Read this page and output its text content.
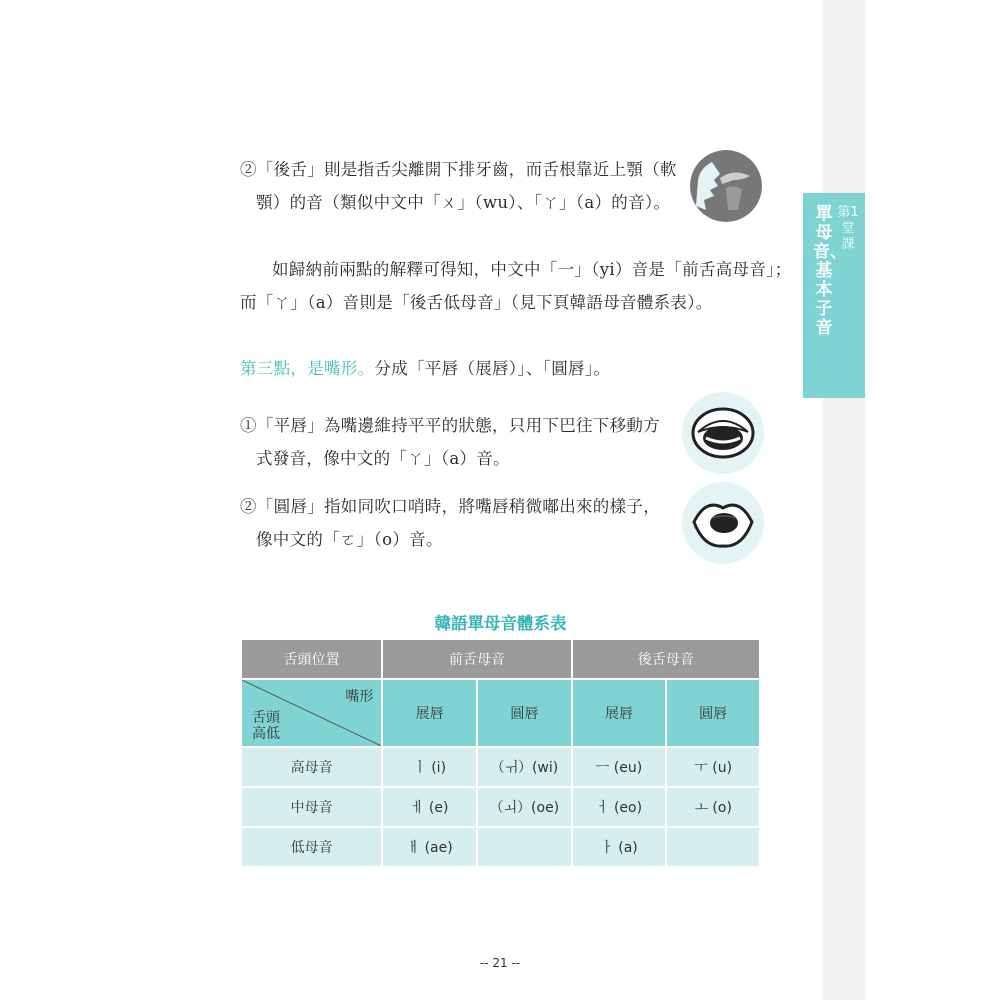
第1堂課
單母音、基本子音
②「後舌」則是指舌尖離開下排牙齒，而舌根靠近上顎（軟
顎）的音（類似中文中「ㄨ」（wu）、「ㄚ」（a）的音）。
如歸納前兩點的解釋可得知，中文中「一」（yi）音是「前舌高母音」；
而「ㄚ」（a）音則是「後舌低母音」（見下頁韓語母音體系表）。
第三點，是嘴形。分成「平唇（展唇）」、「圓唇」。
①「平唇」為嘴邊維持平平的狀態，只用下巴往下移動方
式發音，像中文的「ㄚ」（a）音。
②「圓唇」指如同吹口哨時，將嘴唇稍微嘟出來的樣子，
像中文的「ㄛ」（o）音。
韓語單母音體系表
舌頭位置	前舌母音		後舌母音	

嘴形
舌頭
高低	展唇	圓唇	展唇	圓唇
高母音	ㅣ (i)	（ㅟ）(wi)	ㅡ (eu)	ㅜ (u)
中母音	ㅔ (e)	（ㅚ）(oe)	ㅓ (eo)	ㅗ (o)
低母音	ㅐ (ae)		ㅏ (a)	
-- 21 --
